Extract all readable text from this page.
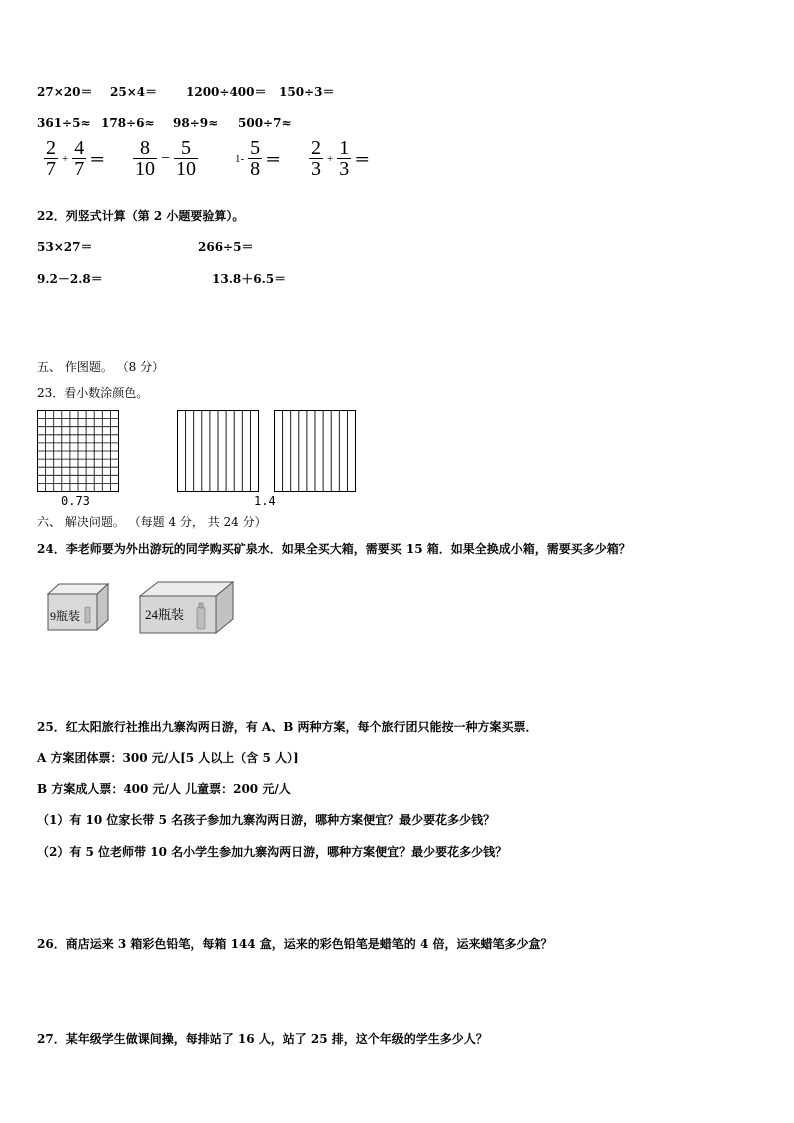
27×20＝ 25×4＝ 1200÷400＝ 150÷3＝
361÷5≈ 178÷6≈ 98÷9≈ 500÷7≈
$\frac{2}{7} + \frac{4}{7} = \frac{8}{10} - \frac{5}{10}$	$1- \frac{5}{8} = \frac{2}{3} + \frac{1}{3}$ ＝
22．列竖式计算（第 2 小题要验算）。
53×27＝	266÷5＝
9.2－2.8＝	13.8＋6.5＝
五、 作图题。 （8 分）
23．看小数涂颜色。
0.73	1.4
六、 解决问题。 （每题 4 分， 共 24 分）
24．李老师要为外出游玩的同学购买矿泉水．如果全买大箱，需要买 15 箱．如果全换成小箱，需要买多少箱？
9瓶装	24瓶装
25．红太阳旅行社推出九寨沟两日游，有 A、B 两种方案，每个旅行团只能按一种方案买票．
A 方案团体票：300 元/人[5 人以上（含 5 人）]
B 方案成人票：400 元/人 儿童票：200 元/人
（1）有 10 位家长带 5 名孩子参加九寨沟两日游，哪种方案便宜？最少要花多少钱？
（2）有 5 位老师带 10 名小学生参加九寨沟两日游，哪种方案便宜？最少要花多少钱？
26．商店运来 3 箱彩色铅笔，每箱 144 盒，运来的彩色铅笔是蜡笔的 4 倍，运来蜡笔多少盒？
27．某年级学生做课间操，每排站了 16 人，站了 25 排，这个年级的学生多少人？
